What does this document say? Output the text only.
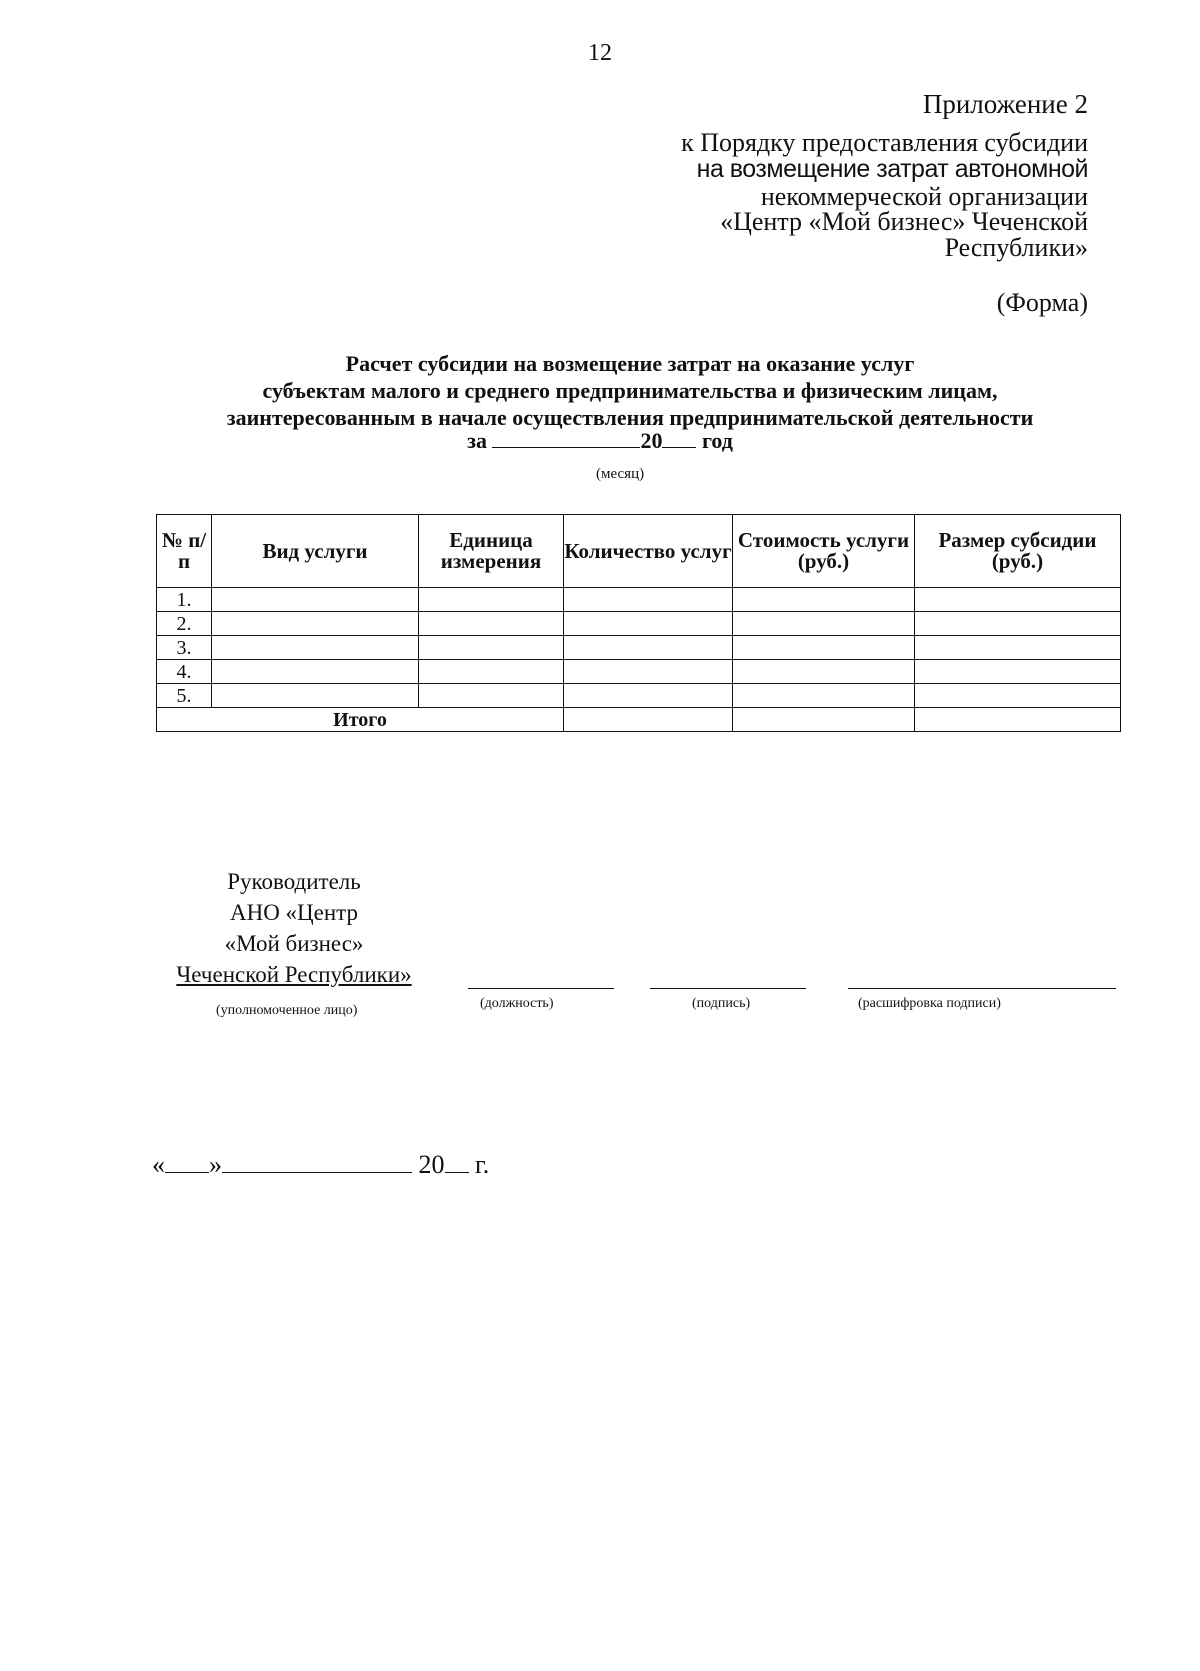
12
Приложение 2
к Порядку предоставления субсидии
на возмещение затрат автономной
некоммерческой организации
«Центр «Мой бизнес» Чеченской
Республики»
(Форма)
Расчет субсидии на возмещение затрат на оказание услуг
субъектам малого и среднего предпринимательства и физическим лицам,
заинтересованным в начале осуществления предпринимательской деятельности
за	20 год
(месяц)
№ п/п	Вид услуги	Единица измерения	Количество услуг	Стоимость услуги (руб.)	Размер субсидии (руб.)
1.					
2.					
3.					
4.					
5.					
Итого					
Руководитель
АНО «Центр
«Мой бизнес»
Чеченской Республики»
(уполномоченное лицо)	(должность)	(подпись)	(расшифровка подписи)
« »	20 г.
